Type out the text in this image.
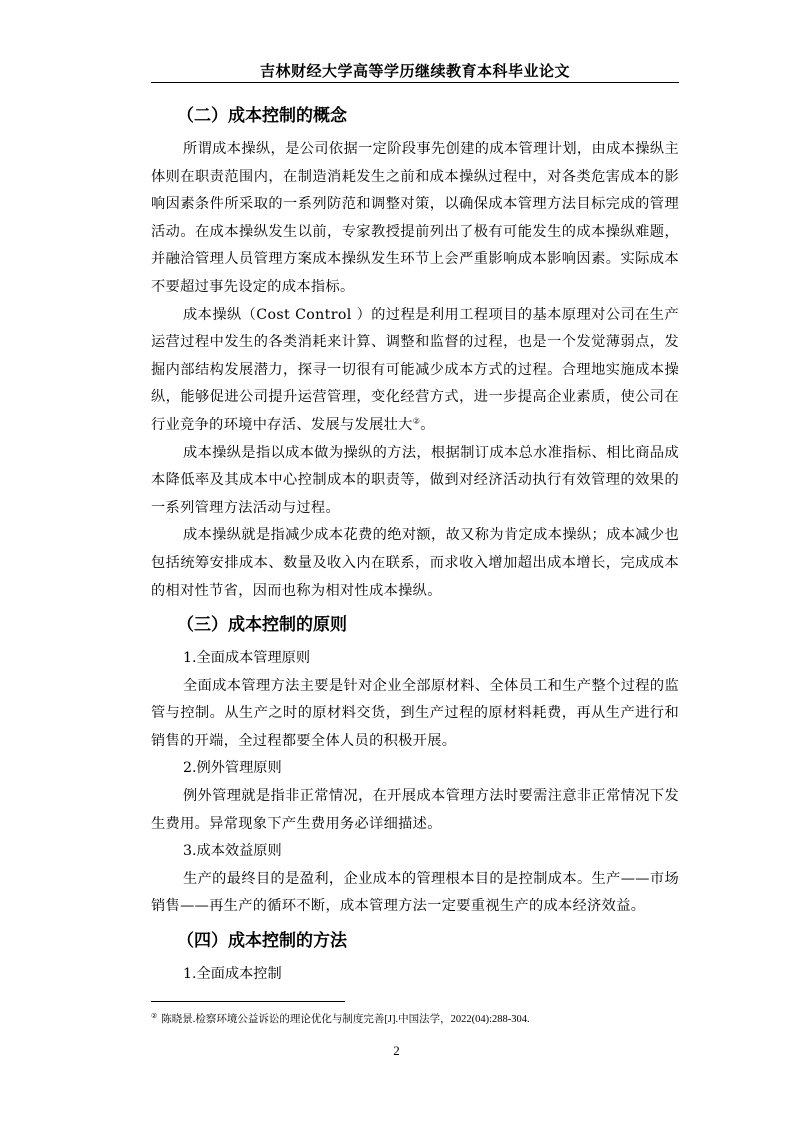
吉林财经大学高等学历继续教育本科毕业论文
（二）成本控制的概念

所谓成本操纵，是公司依据一定阶段事先创建的成本管理计划，由成本操纵主体则在职责范围内，在制造消耗发生之前和成本操纵过程中，对各类危害成本的影响因素条件所采取的一系列防范和调整对策，以确保成本管理方法目标完成的管理活动。在成本操纵发生以前，专家教授提前列出了极有可能发生的成本操纵难题，并融洽管理人员管理方案成本操纵发生环节上会严重影响成本影响因素。实际成本不要超过事先设定的成本指标。

成本操纵（Cost Control ）的过程是利用工程项目的基本原理对公司在生产运营过程中发生的各类消耗来计算、调整和监督的过程，也是一个发觉薄弱点，发掘内部结构发展潜力，探寻一切很有可能减少成本方式的过程。合理地实施成本操纵，能够促进公司提升运营管理，变化经营方式，进一步提高企业素质，使公司在行业竞争的环境中存活、发展与发展壮大②。

成本操纵是指以成本做为操纵的方法，根据制订成本总水准指标、相比商品成本降低率及其成本中心控制成本的职责等，做到对经济活动执行有效管理的效果的一系列管理方法活动与过程。

成本操纵就是指减少成本花费的绝对额，故又称为肯定成本操纵；成本减少也包括统筹安排成本、数量及收入内在联系，而求收入增加超出成本增长，完成成本的相对性节省，因而也称为相对性成本操纵。

（三）成本控制的原则

1.全面成本管理原则

全面成本管理方法主要是针对企业全部原材料、全体员工和生产整个过程的监管与控制。从生产之时的原材料交货，到生产过程的原材料耗费，再从生产进行和销售的开端，全过程都要全体人员的积极开展。

2.例外管理原则

例外管理就是指非正常情况，在开展成本管理方法时要需注意非正常情况下发生费用。异常现象下产生费用务必详细描述。

3.成本效益原则

生产的最终目的是盈利，企业成本的管理根本目的是控制成本。生产——市场销售——再生产的循环不断，成本管理方法一定要重视生产的成本经济效益。

（四）成本控制的方法

1.全面成本控制

② 陈晓景.检察环境公益诉讼的理论优化与制度完善[J].中国法学，2022(04):288-304.
2
